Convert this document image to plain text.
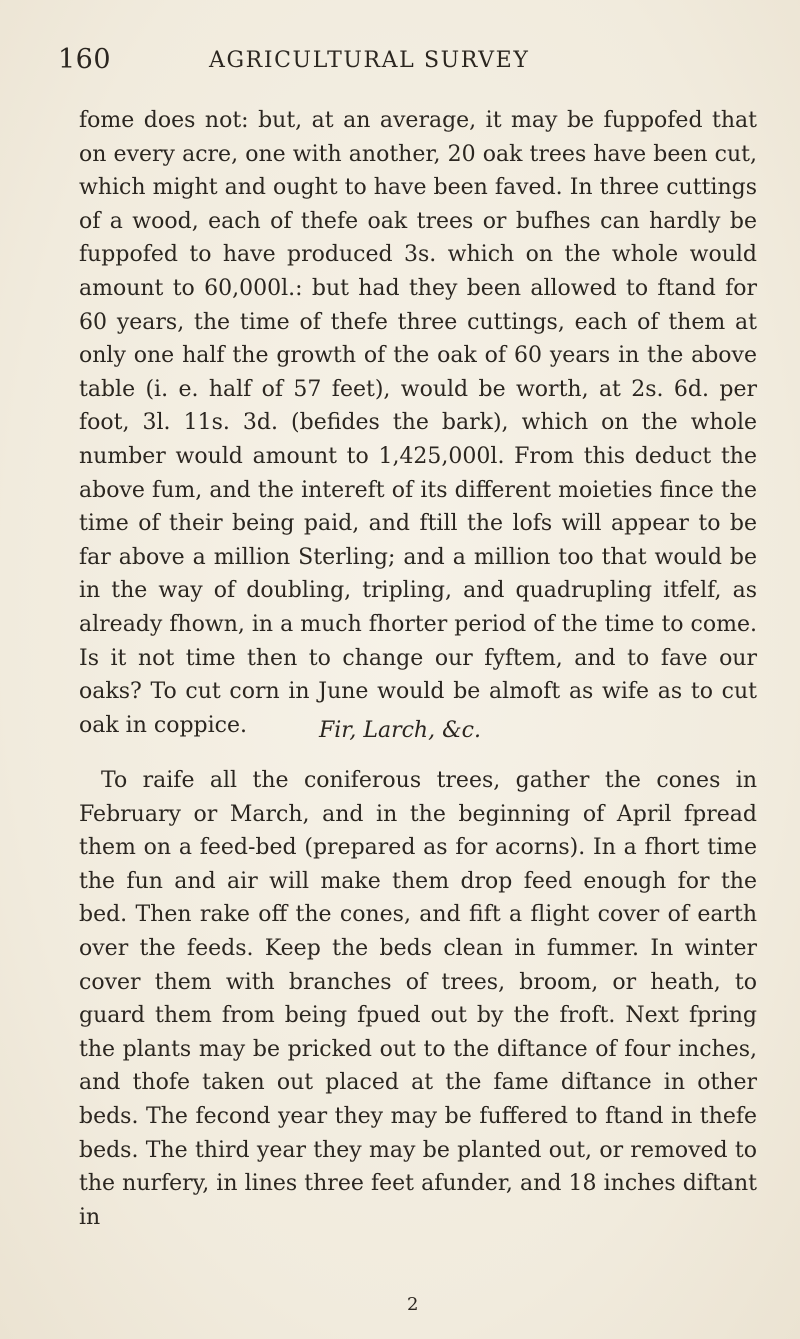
160	AGRICULTURAL SURVEY
fome does not: but, at an average, it may be fuppofed that on every acre, one with another, 20 oak trees have been cut, which might and ought to have been faved. In three cuttings of a wood, each of thefe oak trees or bufhes can hardly be fuppofed to have produced 3s. which on the whole would amount to 60,000l.: but had they been allowed to ftand for 60 years, the time of thefe three cuttings, each of them at only one half the growth of the oak of 60 years in the above table (i. e. half of 57 feet), would be worth, at 2s. 6d. per foot, 3l. 11s. 3d. (befides the bark), which on the whole number would amount to 1,425,000l. From this deduct the above fum, and the intereft of its different moieties fince the time of their being paid, and ftill the lofs will appear to be far above a million Sterling; and a million too that would be in the way of doubling, tripling, and quadrupling itfelf, as already fhown, in a much fhorter period of the time to come. Is it not time then to change our fyftem, and to fave our oaks? To cut corn in June would be almoft as wife as to cut oak in coppice.	Fir, Larch, &c.
To raife all the coniferous trees, gather the cones in February or March, and in the beginning of April fpread them on a feed-bed (prepared as for acorns). In a fhort time the fun and air will make them drop feed enough for the bed. Then rake off the cones, and fift a flight cover of earth over the feeds. Keep the beds clean in fummer. In winter cover them with branches of trees, broom, or heath, to guard them from being fpued out by the froft. Next fpring the plants may be pricked out to the diftance of four inches, and thofe taken out placed at the fame diftance in other beds. The fecond year they may be fuffered to ftand in thefe beds. The third year they may be planted out, or removed to the nurfery, in lines three feet afunder, and 18 inches diftant in
2
